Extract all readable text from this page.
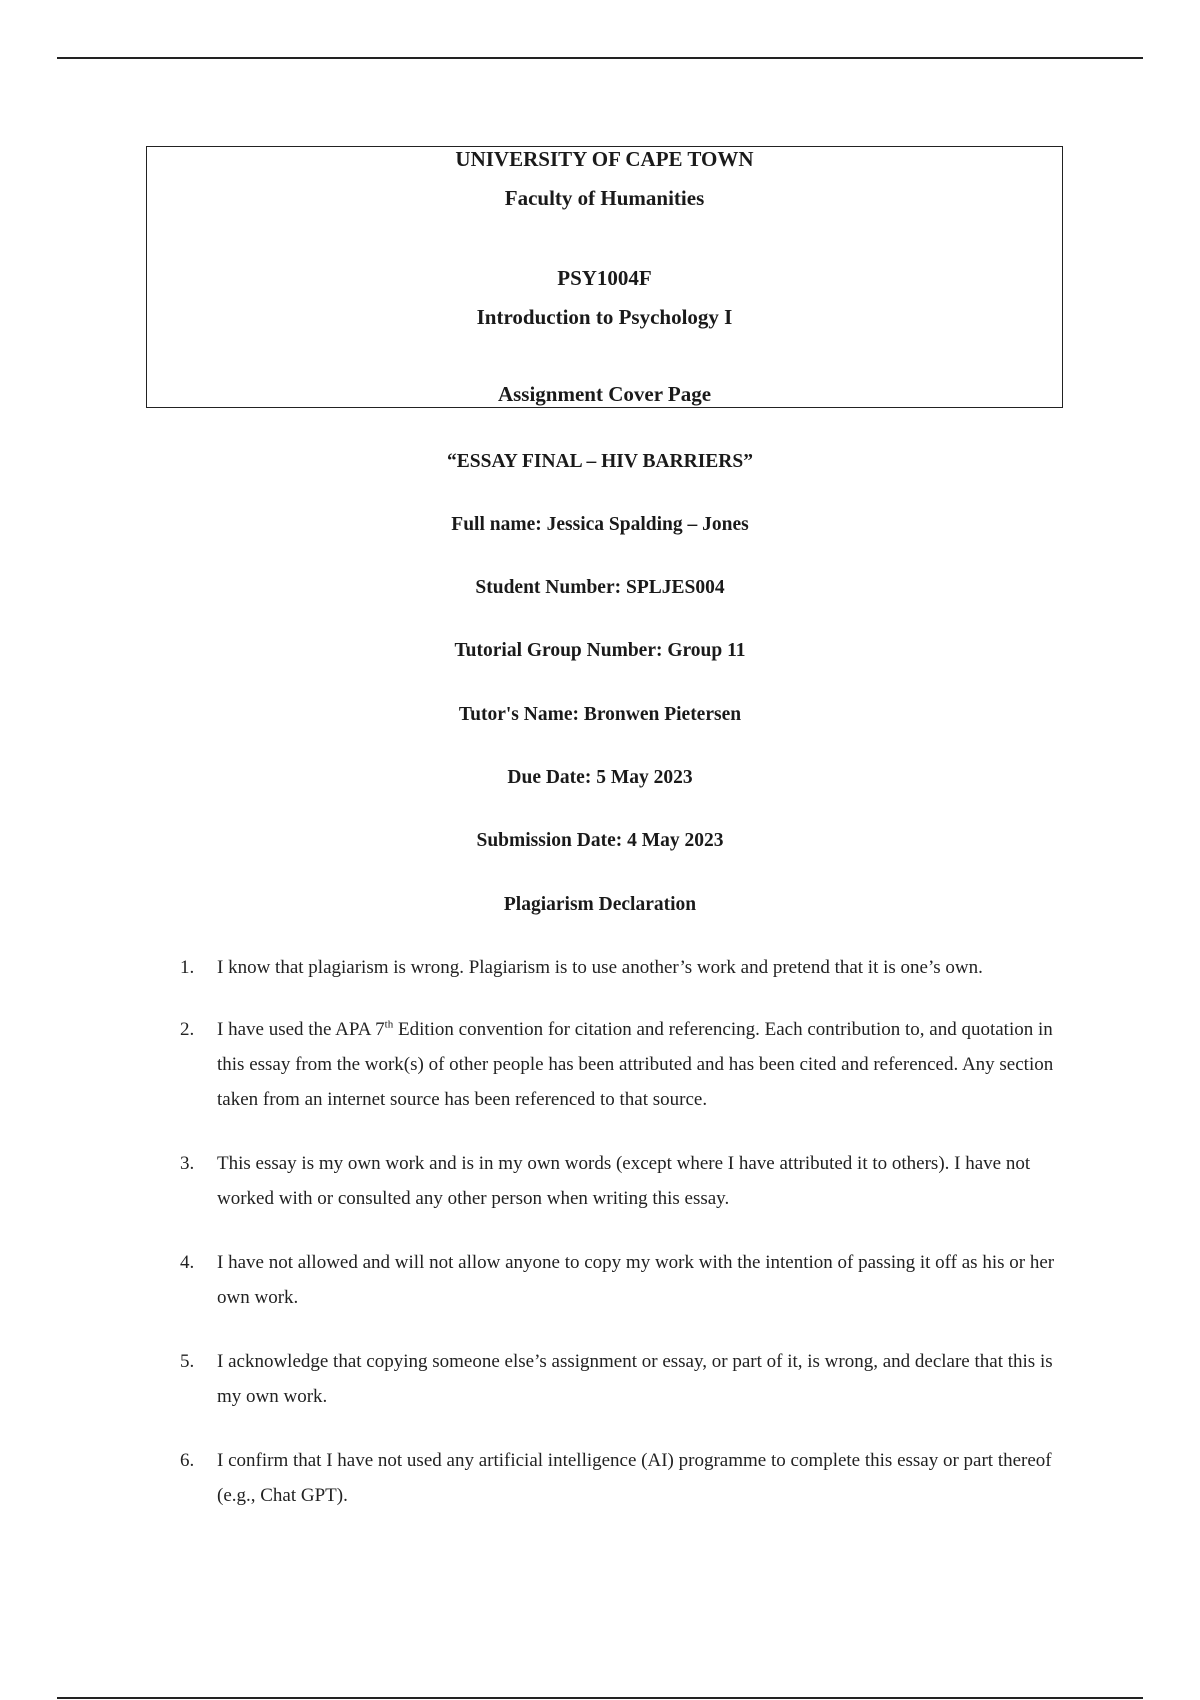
UNIVERSITY OF CAPE TOWN
Faculty of Humanities
PSY1004F
Introduction to Psychology I
Assignment Cover Page
“ESSAY FINAL – HIV BARRIERS”
Full name: Jessica Spalding – Jones
Student Number: SPLJES004
Tutorial Group Number: Group 11
Tutor's Name: Bronwen Pietersen
Due Date: 5 May 2023
Submission Date: 4 May 2023
Plagiarism Declaration
1.	I know that plagiarism is wrong. Plagiarism is to use another’s work and pretend that it is one’s own.
2.	I have used the APA 7th Edition convention for citation and referencing. Each contribution to, and quotation in this essay from the work(s) of other people has been attributed and has been cited and referenced. Any section taken from an internet source has been referenced to that source.
3.	This essay is my own work and is in my own words (except where I have attributed it to others). I have not worked with or consulted any other person when writing this essay.
4.	I have not allowed and will not allow anyone to copy my work with the intention of passing it off as his or her own work.
5.	I acknowledge that copying someone else’s assignment or essay, or part of it, is wrong, and declare that this is my own work.
6.	I confirm that I have not used any artificial intelligence (AI) programme to complete this essay or part thereof (e.g., Chat GPT).
